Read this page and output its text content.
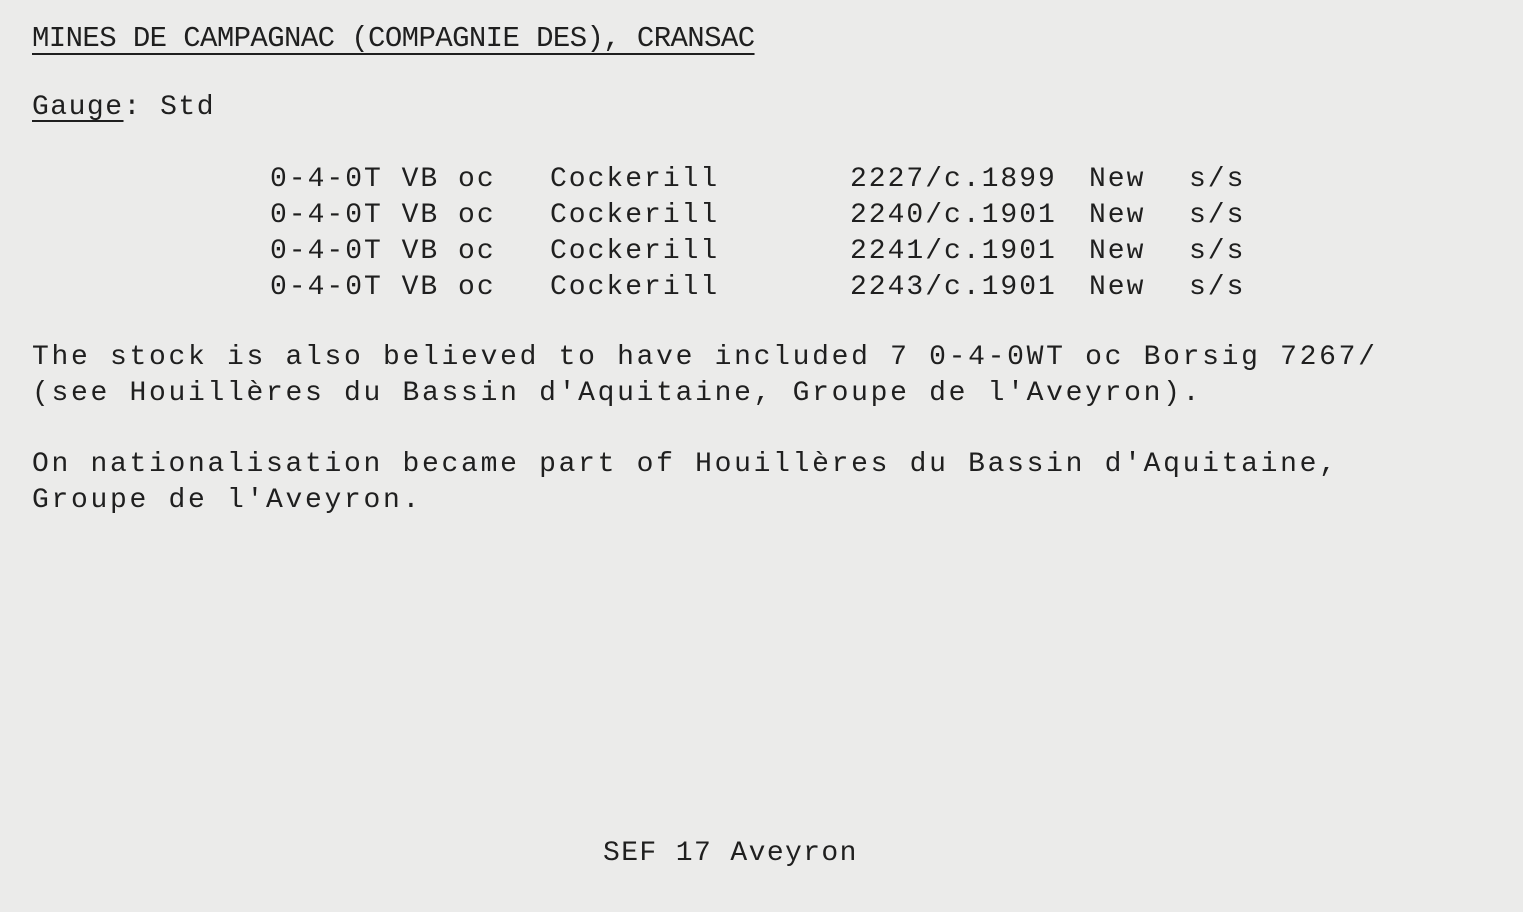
MINES DE CAMPAGNAC (COMPAGNIE DES), CRANSAC
Gauge: Std
0-4-0T VB oc Cockerill	2227/c.1899 New s/s
0-4-0T VB oc Cockerill	2240/c.1901 New s/s
0-4-0T VB oc Cockerill	2241/c.1901 New s/s
0-4-0T VB oc Cockerill	2243/c.1901 New s/s
The stock is also believed to have included 7 0-4-0WT oc Borsig 7267/
(see Houillères du Bassin d'Aquitaine, Groupe de l'Aveyron).
On nationalisation became part of Houillères du Bassin d'Aquitaine,
Groupe de l'Aveyron.
SEF 17 Aveyron
